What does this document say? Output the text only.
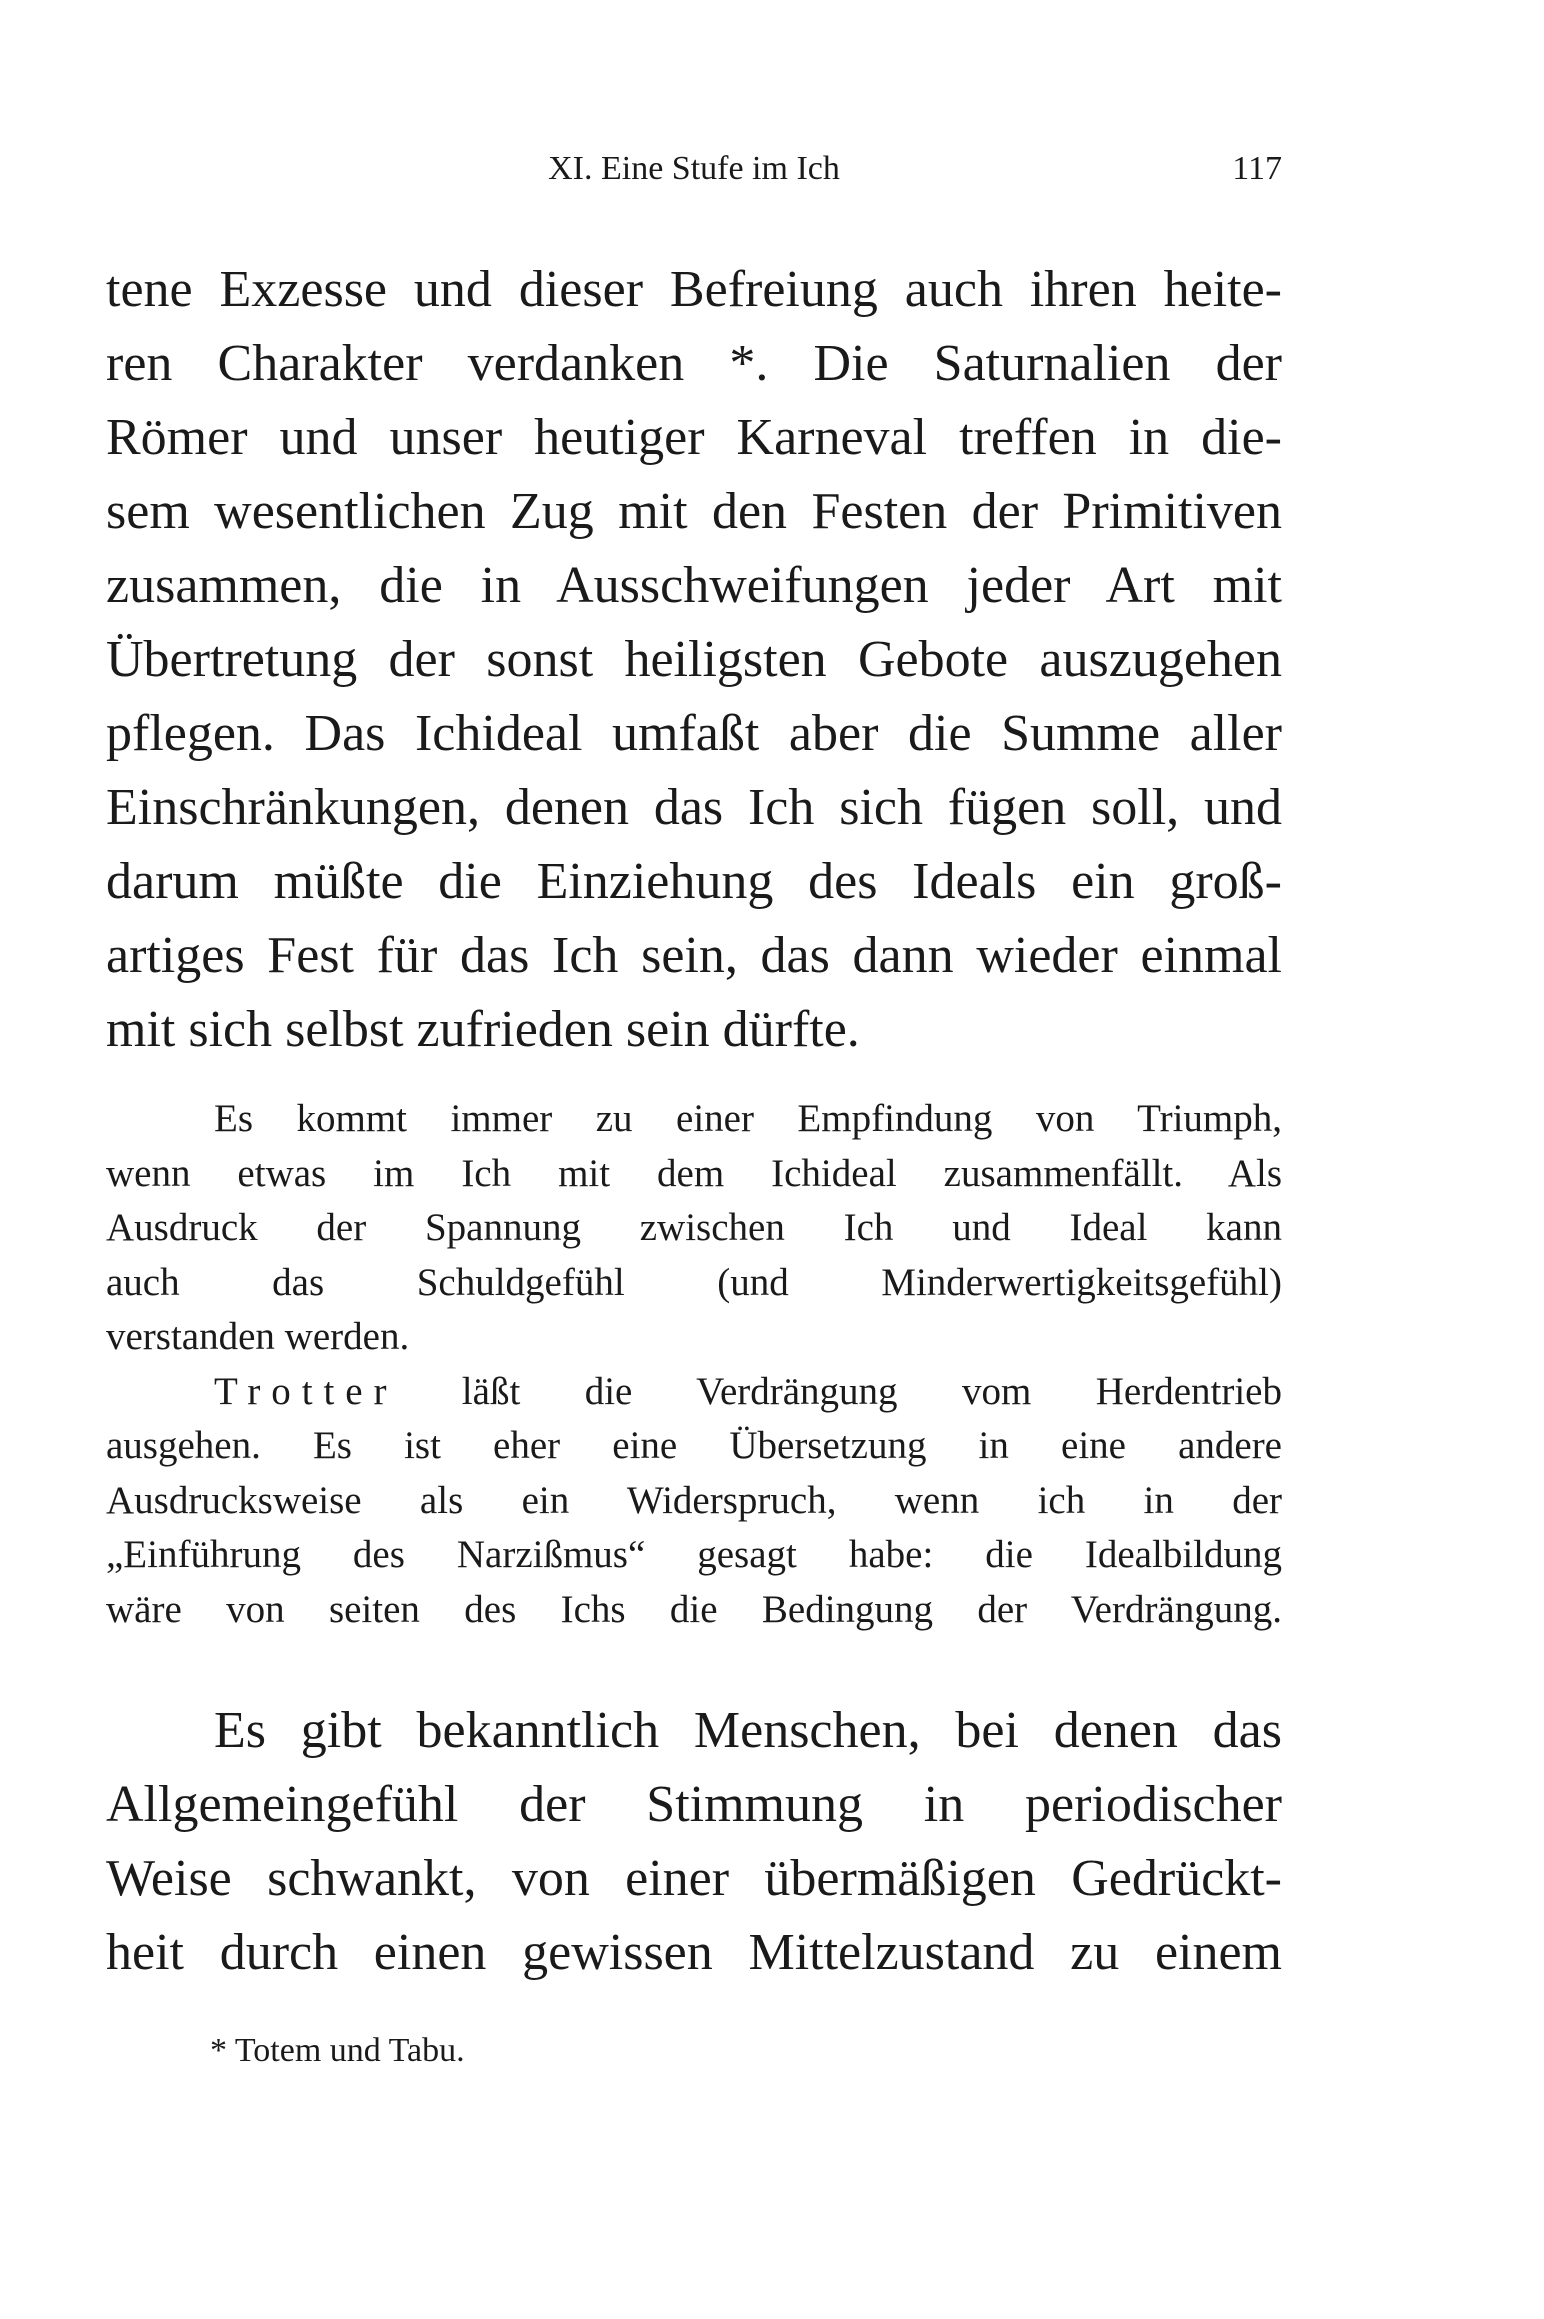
XI. Eine Stufe im Ich	117
tene Exzesse und dieser Befreiung auch ihren heite-
ren Charakter verdanken *. Die Saturnalien der
Römer und unser heutiger Karneval treffen in die-
sem wesentlichen Zug mit den Festen der Primitiven
zusammen, die in Ausschweifungen jeder Art mit
Übertretung der sonst heiligsten Gebote auszugehen
pflegen. Das Ichideal umfaßt aber die Summe aller
Einschränkungen, denen das Ich sich fügen soll, und
darum müßte die Einziehung des Ideals ein groß-
artiges Fest für das Ich sein, das dann wieder einmal
mit sich selbst zufrieden sein dürfte.
Es kommt immer zu einer Empfindung von Triumph,
wenn etwas im Ich mit dem Ichideal zusammenfällt. Als
Ausdruck der Spannung zwischen Ich und Ideal kann
auch das Schuldgefühl (und Minderwertigkeitsgefühl)
verstanden werden.
Trotter läßt die Verdrängung vom Herdentrieb
ausgehen. Es ist eher eine Übersetzung in eine andere
Ausdrucksweise als ein Widerspruch, wenn ich in der
„Einführung des Narzißmus“ gesagt habe: die Idealbildung
wäre von seiten des Ichs die Bedingung der Verdrängung.
Es gibt bekanntlich Menschen, bei denen das
Allgemeingefühl der Stimmung in periodischer
Weise schwankt, von einer übermäßigen Gedrückt-
heit durch einen gewissen Mittelzustand zu einem
* Totem und Tabu.
